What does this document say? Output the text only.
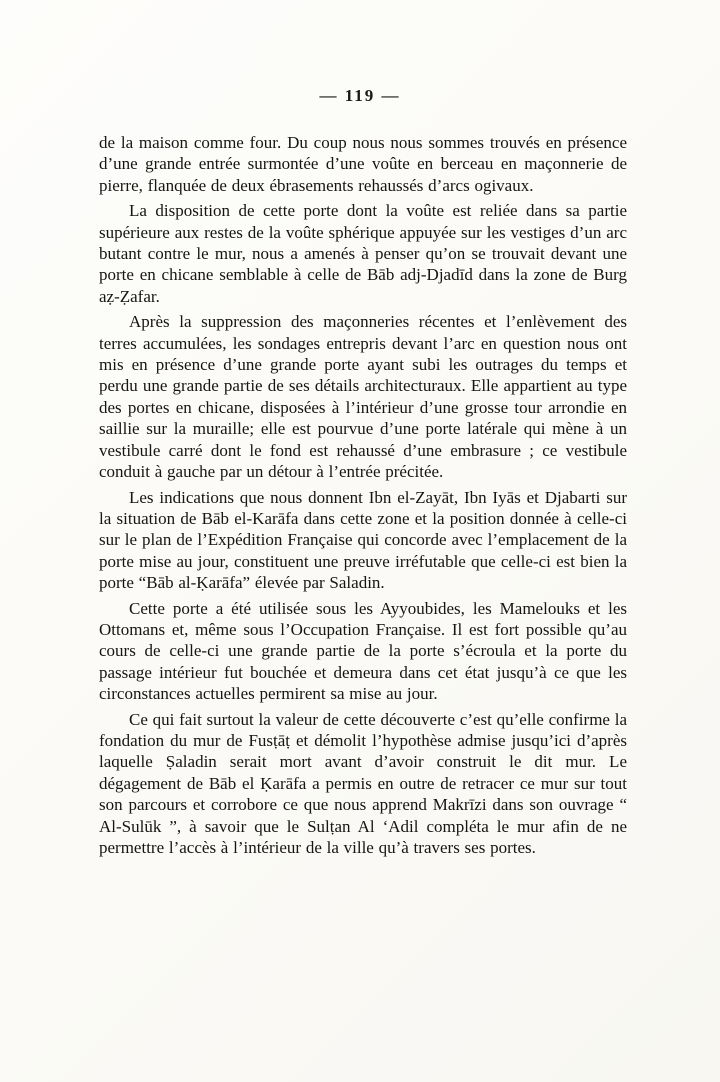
— 119 —

de la maison comme four. Du coup nous nous sommes trouvés en présence d’une grande entrée surmontée d’une voûte en berceau en maçonnerie de pierre, flanquée de deux ébrasements rehaussés d’arcs ogivaux.

La disposition de cette porte dont la voûte est reliée dans sa partie supérieure aux restes de la voûte sphérique appuyée sur les vestiges d’un arc butant contre le mur, nous a amenés à penser qu’on se trouvait devant une porte en chicane semblable à celle de Bāb adj-Djadīd dans la zone de Burg aẓ-Ẓafar.

Après la suppression des maçonneries récentes et l’enlèvement des terres accumulées, les sondages entrepris devant l’arc en question nous ont mis en présence d’une grande porte ayant subi les outrages du temps et perdu une grande partie de ses détails architecturaux. Elle appartient au type des portes en chicane, disposées à l’intérieur d’une grosse tour arrondie en saillie sur la muraille; elle est pourvue d’une porte latérale qui mène à un vestibule carré dont le fond est rehaussé d’une embrasure ; ce vestibule conduit à gauche par un détour à l’entrée précitée.

Les indications que nous donnent Ibn el-Zayāt, Ibn Iyās et Djabarti sur la situation de Bāb el-Karāfa dans cette zone et la position donnée à celle-ci sur le plan de l’Expédition Française qui concorde avec l’emplacement de la porte mise au jour, constituent une preuve irréfutable que celle-ci est bien la porte “Bāb al-Ḳarāfa” élevée par Saladin.

Cette porte a été utilisée sous les Ayyoubides, les Mamelouks et les Ottomans et, même sous l’Occupation Française. Il est fort possible qu’au cours de celle-ci une grande partie de la porte s’écroula et la porte du passage intérieur fut bouchée et demeura dans cet état jusqu’à ce que les circonstances actuelles permirent sa mise au jour.

Ce qui fait surtout la valeur de cette découverte c’est qu’elle confirme la fondation du mur de Fusṭāṭ et démolit l’hypothèse admise jusqu’ici d’après laquelle Ṣaladin serait mort avant d’avoir construit le dit mur. Le dégagement de Bāb el Ḳarāfa a permis en outre de retracer ce mur sur tout son parcours et corrobore ce que nous apprend Makrīzi dans son ouvrage “ Al-Sulūk ”, à savoir que le Sulṭan Al ‘Adil compléta le mur afin de ne permettre l’accès à l’intérieur de la ville qu’à travers ses portes.
